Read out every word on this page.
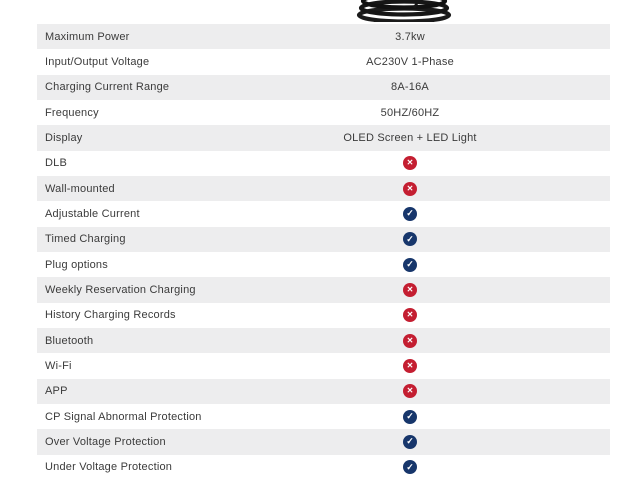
Maximum Power	3.7kw
Input/Output Voltage	AC230V 1-Phase
Charging Current Range	8A-16A
Frequency	50HZ/60HZ
Display	OLED Screen + LED Light
DLB	✕
Wall-mounted	✕
Adjustable Current	✓
Timed Charging	✓
Plug options	✓
Weekly Reservation Charging	✕
History Charging Records	✕
Bluetooth	✕
Wi-Fi	✕
APP	✕
CP Signal Abnormal Protection	✓
Over Voltage Protection	✓
Under Voltage Protection	✓
